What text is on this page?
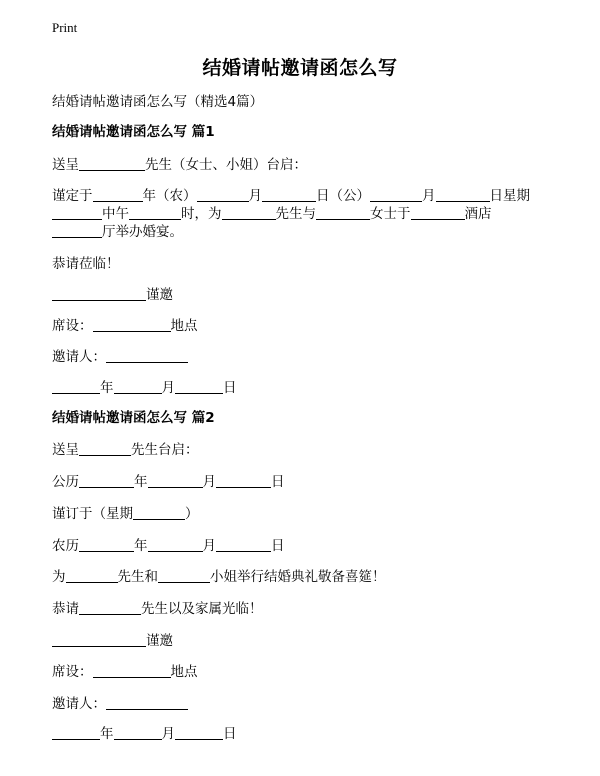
Print
结婚请帖邀请函怎么写
结婚请帖邀请函怎么写（精选4篇）
结婚请帖邀请函怎么写 篇1
送呈	先生（女士、小姐）台启：
谨定于	年（农）	月	日（公）	月	日星期
中午	时，为	先生与	女士于	酒店
厅举办婚宴。
恭请莅临！
谨邀
席设：	地点
邀请人：
年	月	日
结婚请帖邀请函怎么写 篇2
送呈	先生台启：
公历	年	月	日
谨订于（星期	）
农历	年	月	日
为	先生和	小姐举行结婚典礼敬备喜筵！
恭请	先生以及家属光临！
谨邀
席设：	地点
邀请人：
年	月	日
